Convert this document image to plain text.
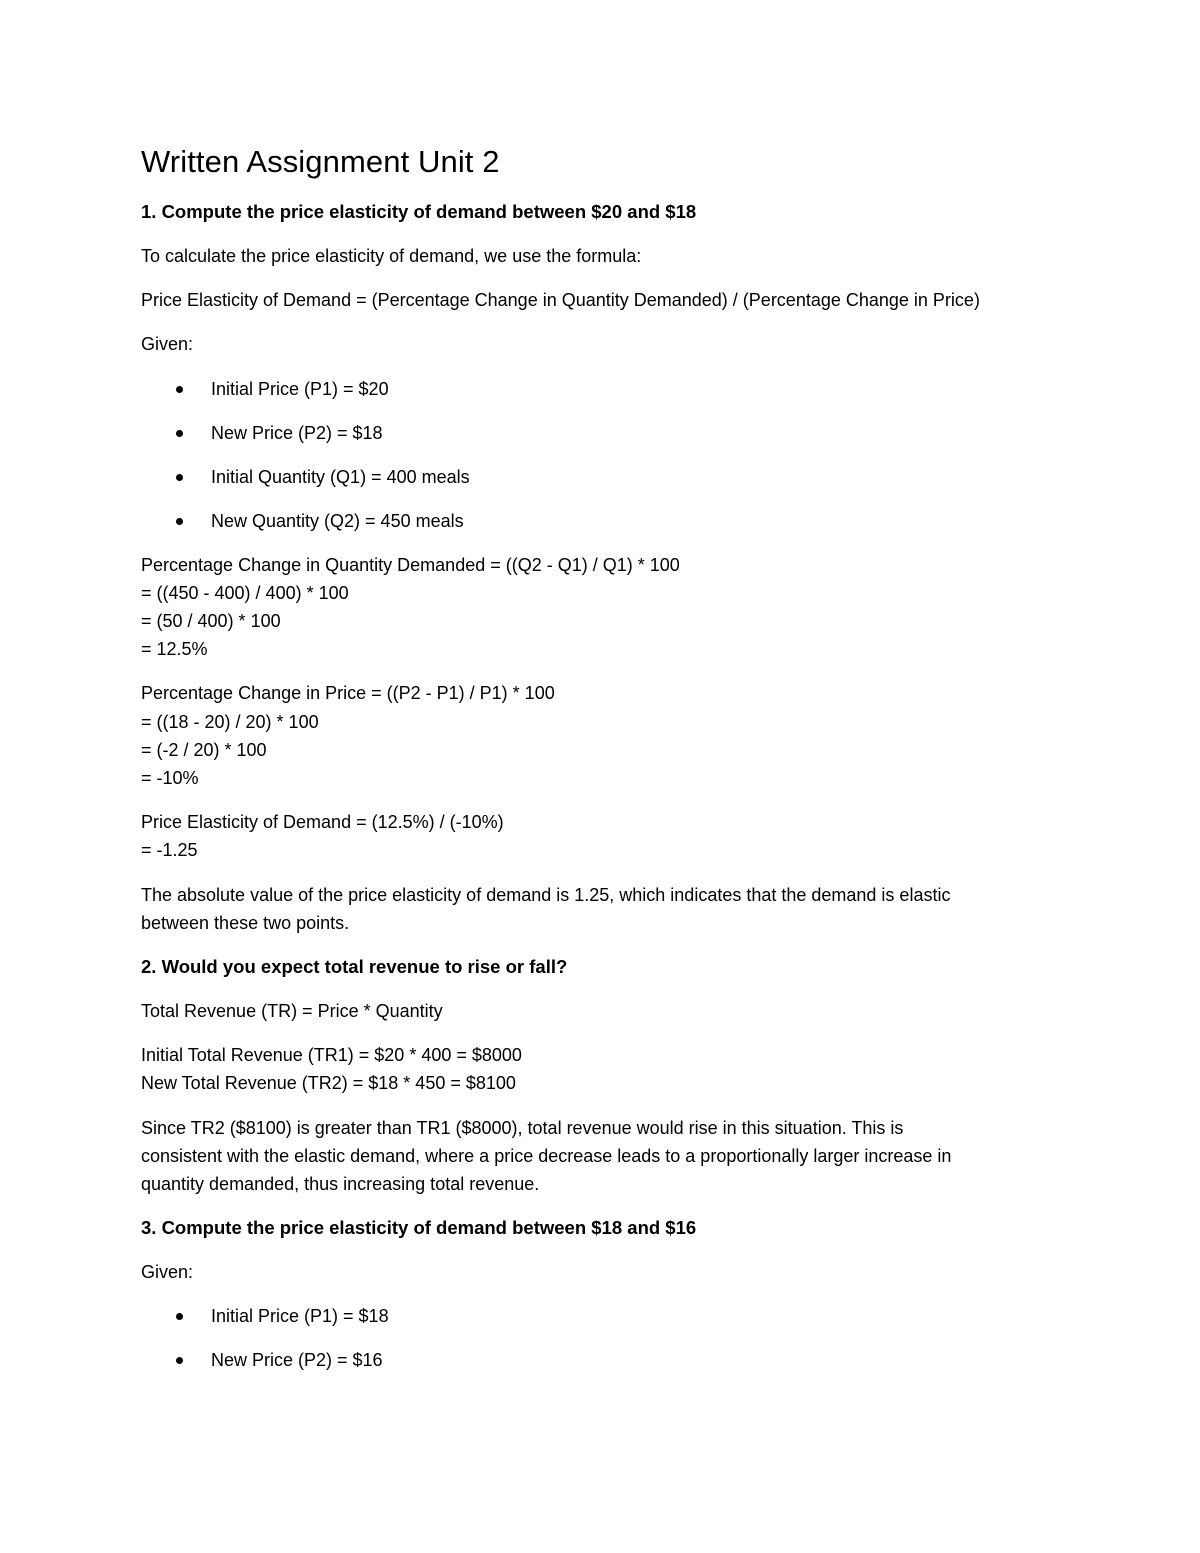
Written Assignment Unit 2
1. Compute the price elasticity of demand between $20 and $18

To calculate the price elasticity of demand, we use the formula:

Price Elasticity of Demand = (Percentage Change in Quantity Demanded) / (Percentage Change in Price)

Given:

Initial Price (P1) = $20
New Price (P2) = $18
Initial Quantity (Q1) = 400 meals
New Quantity (Q2) = 450 meals

Percentage Change in Quantity Demanded = ((Q2 - Q1) / Q1) * 100

= ((450 - 400) / 400) * 100

= (50 / 400) * 100

= 12.5%

Percentage Change in Price = ((P2 - P1) / P1) * 100

= ((18 - 20) / 20) * 100

= (-2 / 20) * 100

= -10%

Price Elasticity of Demand = (12.5%) / (-10%)

= -1.25

The absolute value of the price elasticity of demand is 1.25, which indicates that the demand is elastic

between these two points.

2. Would you expect total revenue to rise or fall?

Total Revenue (TR) = Price * Quantity

Initial Total Revenue (TR1) = $20 * 400 = $8000

New Total Revenue (TR2) = $18 * 450 = $8100

Since TR2 ($8100) is greater than TR1 ($8000), total revenue would rise in this situation. This is

consistent with the elastic demand, where a price decrease leads to a proportionally larger increase in

quantity demanded, thus increasing total revenue.

3. Compute the price elasticity of demand between $18 and $16

Given:

Initial Price (P1) = $18
New Price (P2) = $16
